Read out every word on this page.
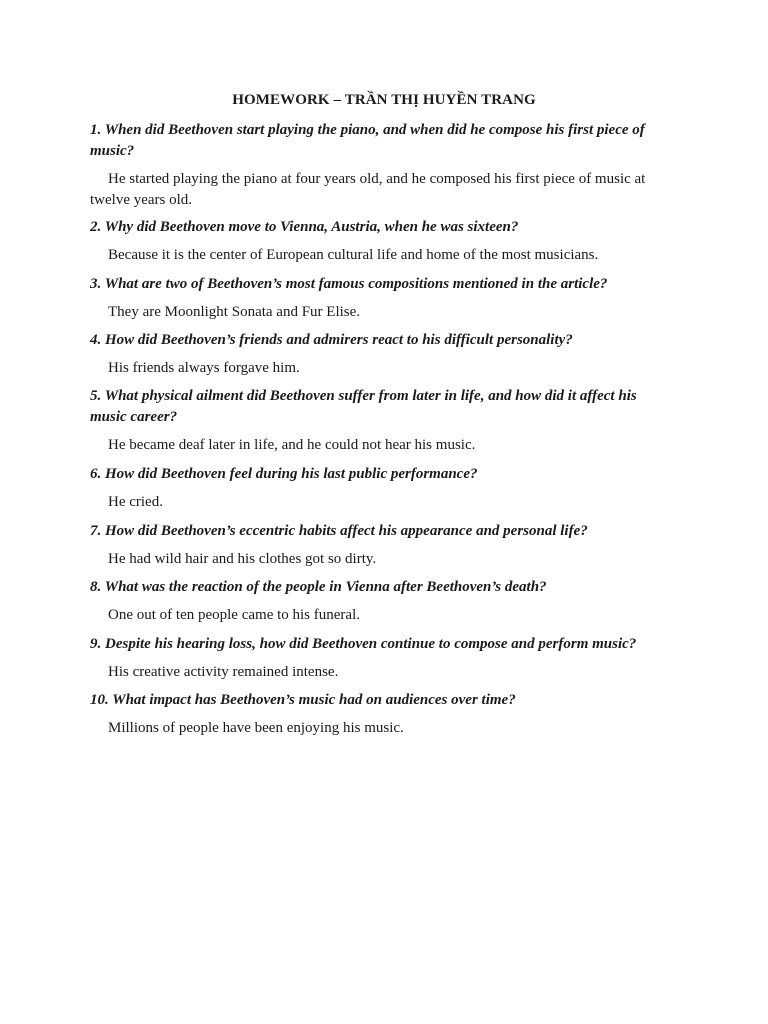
HOMEWORK – TRẦN THỊ HUYỀN TRANG

1. When did Beethoven start playing the piano, and when did he compose his first piece of music?

He started playing the piano at four years old, and he composed his first piece of music at twelve years old.

2. Why did Beethoven move to Vienna, Austria, when he was sixteen?

Because it is the center of European cultural life and home of the most musicians.

3. What are two of Beethoven’s most famous compositions mentioned in the article?

They are Moonlight Sonata and Fur Elise.

4. How did Beethoven’s friends and admirers react to his difficult personality?

His friends always forgave him.

5. What physical ailment did Beethoven suffer from later in life, and how did it affect his music career?

He became deaf later in life, and he could not hear his music.

6. How did Beethoven feel during his last public performance?

He cried.

7. How did Beethoven’s eccentric habits affect his appearance and personal life?

He had wild hair and his clothes got so dirty.

8. What was the reaction of the people in Vienna after Beethoven’s death?

One out of ten people came to his funeral.

9. Despite his hearing loss, how did Beethoven continue to compose and perform music?

His creative activity remained intense.

10. What impact has Beethoven’s music had on audiences over time?

Millions of people have been enjoying his music.
